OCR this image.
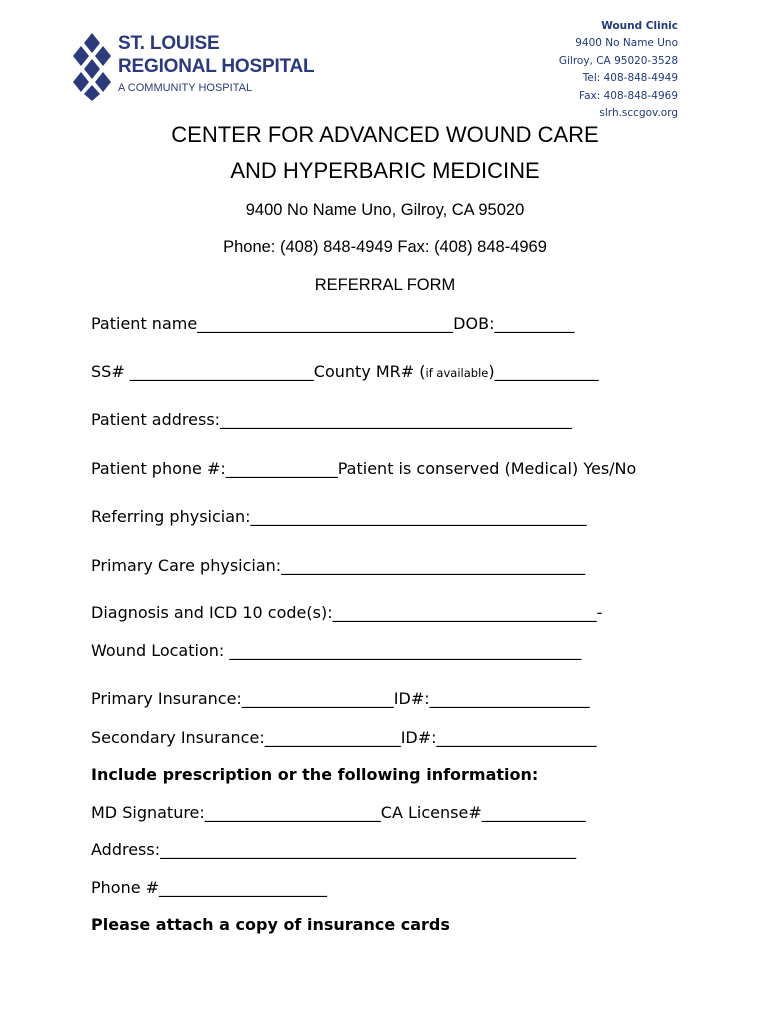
ST. LOUISE
REGIONAL HOSPITAL
A COMMUNITY HOSPITAL
Wound Clinic
9400 No Name Uno
Gilroy, CA 95020-3528
Tel: 408-848-4949
Fax: 408-848-4969
slrh.sccgov.org
CENTER FOR ADVANCED WOUND CARE
AND HYPERBARIC MEDICINE
9400 No Name Uno, Gilroy, CA 95020
Phone: (408) 848-4949 Fax: (408) 848-4969
REFERRAL FORM
Patient name________________________________DOB:__________
SS# _______________________County MR# (if available)_____________
Patient address:____________________________________________
Patient phone #:______________Patient is conserved (Medical) Yes/No
Referring physician:__________________________________________
Primary Care physician:______________________________________
Diagnosis and ICD 10 code(s):_________________________________-
Wound Location: ____________________________________________
Primary Insurance:___________________ID#:____________________
Secondary Insurance:_________________ID#:____________________
Include prescription or the following information:
MD Signature:______________________CA License#_____________
Address:____________________________________________________
Phone #_____________________
Please attach a copy of insurance cards
